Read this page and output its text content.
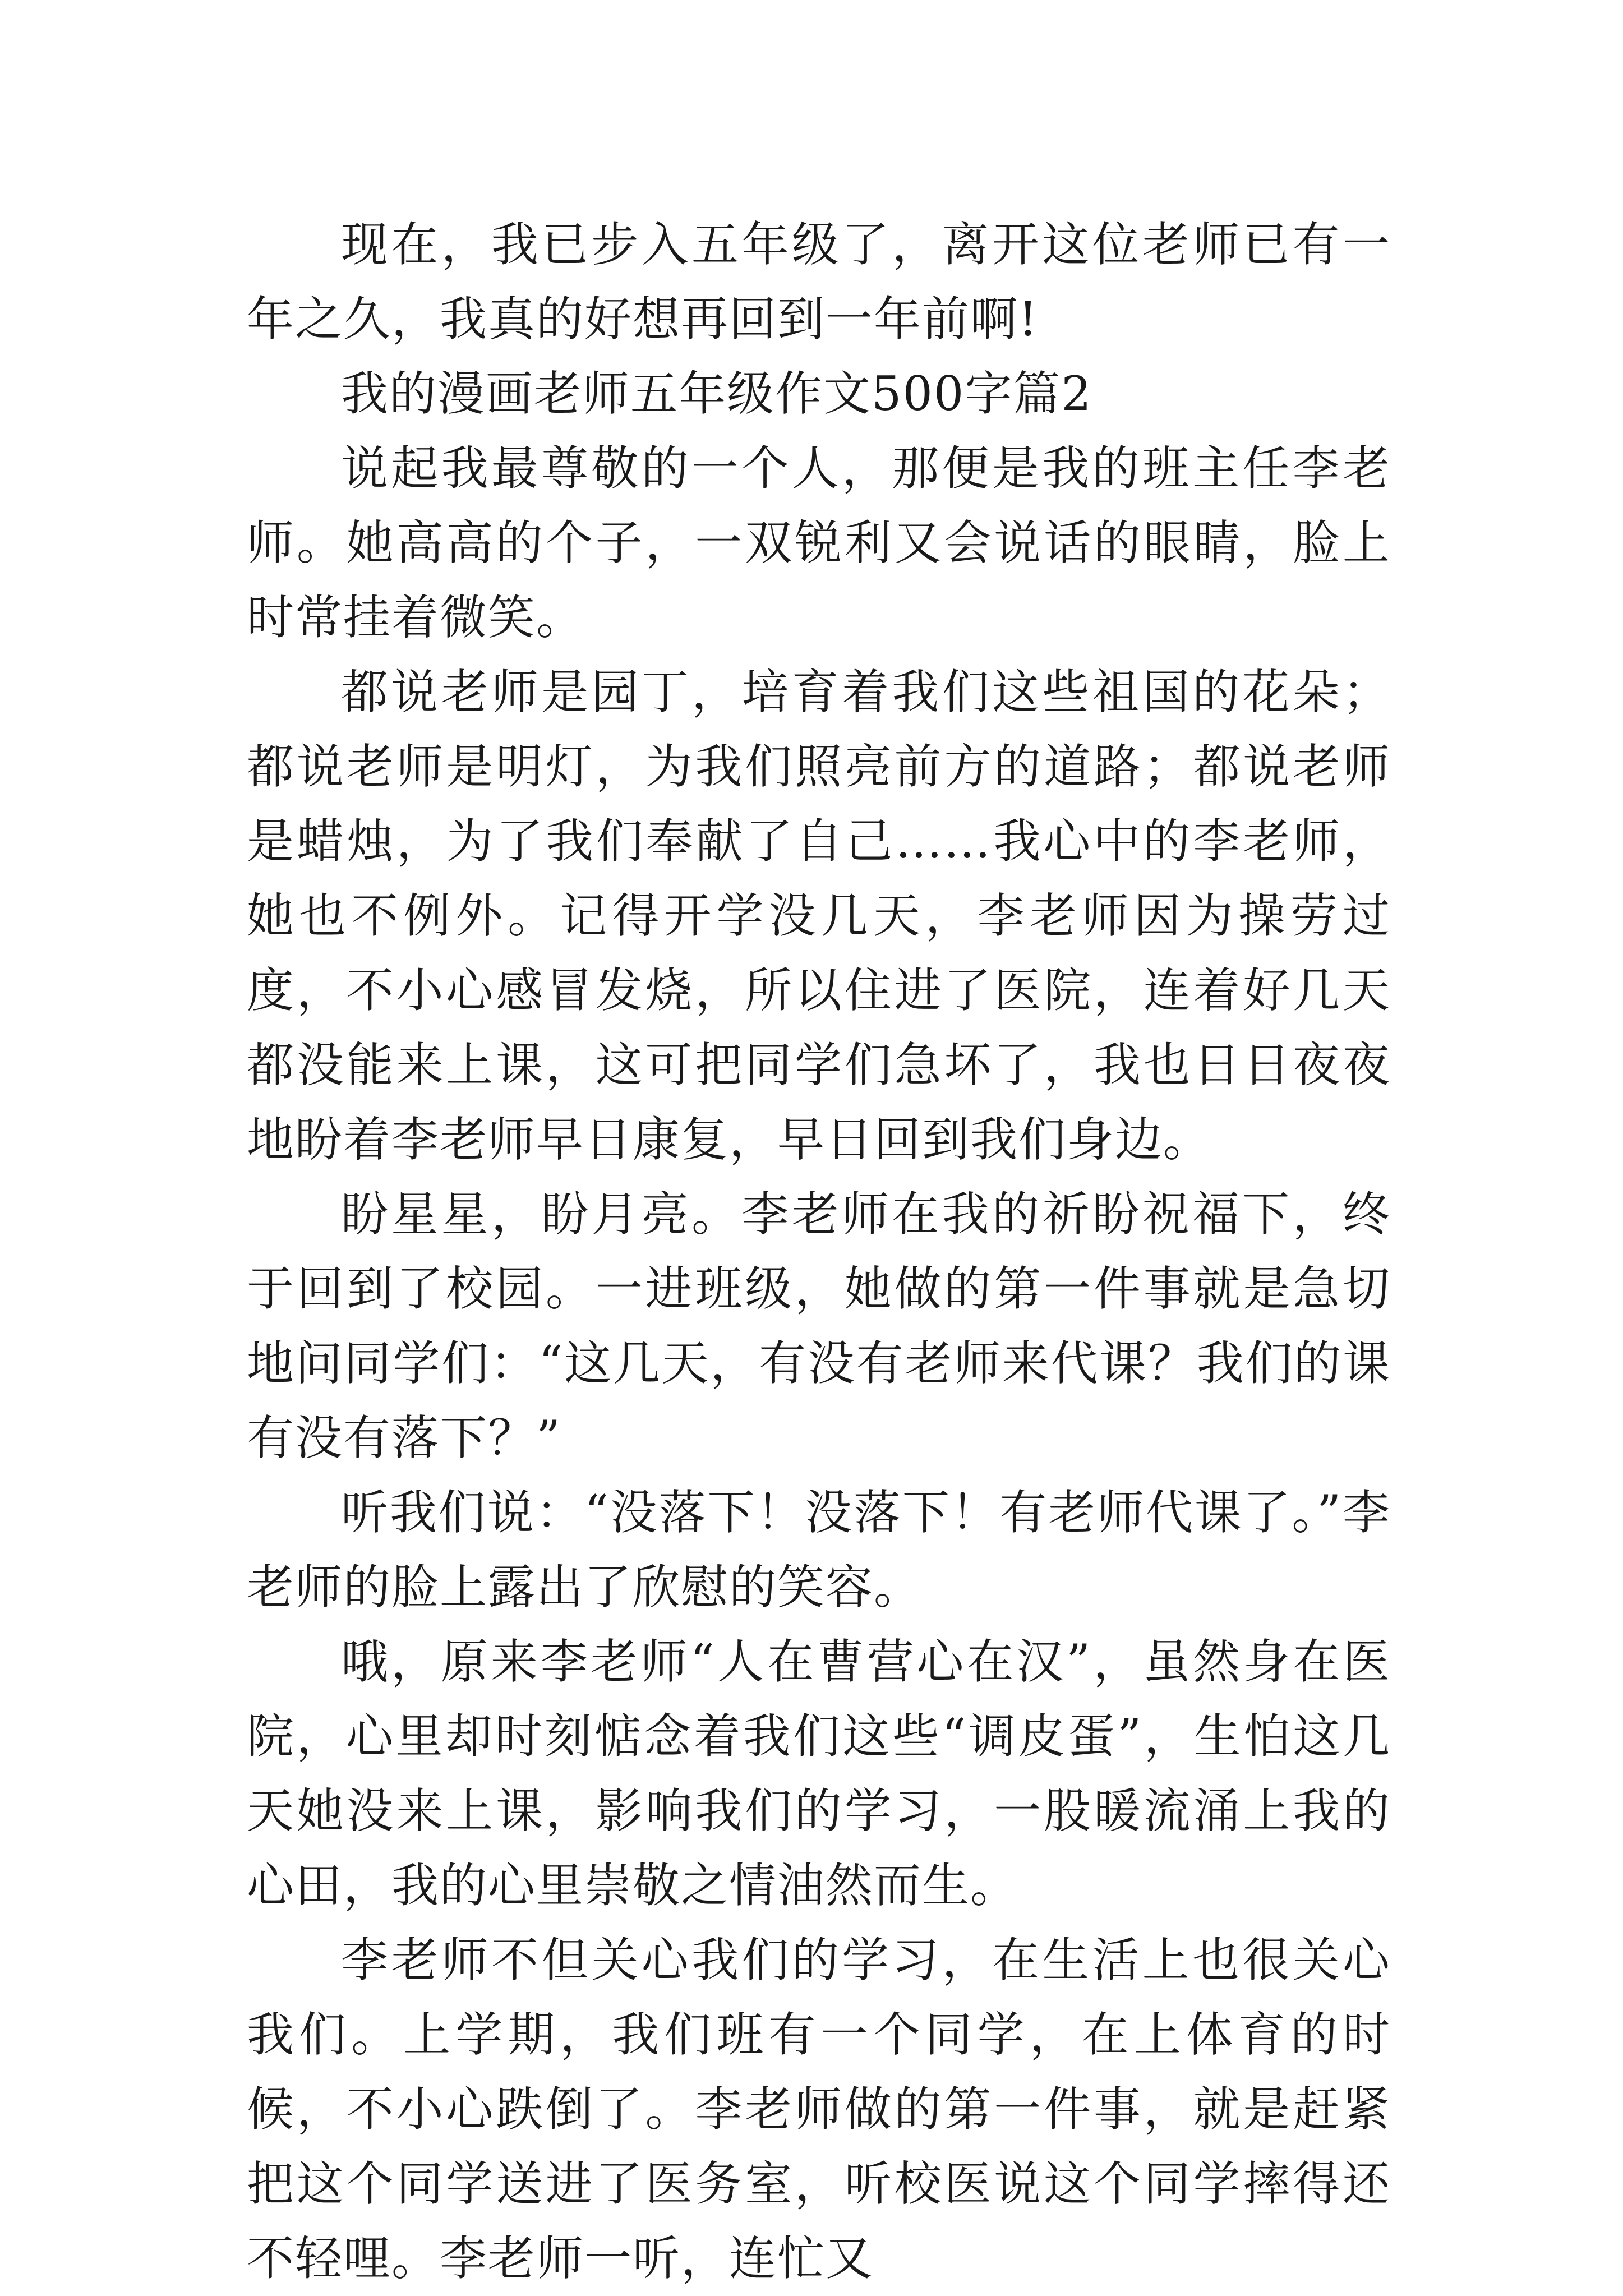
现在，我已步入五年级了，离开这位老师已有一年之久，我真的好想再回到一年前啊!

我的漫画老师五年级作文500字篇2

说起我最尊敬的一个人，那便是我的班主任李老师。她高高的个子，一双锐利又会说话的眼睛，脸上时常挂着微笑。

都说老师是园丁，培育着我们这些祖国的花朵；都说老师是明灯，为我们照亮前方的道路；都说老师是蜡烛，为了我们奉献了自己……我心中的李老师，她也不例外。记得开学没几天，李老师因为操劳过度，不小心感冒发烧，所以住进了医院，连着好几天都没能来上课，这可把同学们急坏了，我也日日夜夜地盼着李老师早日康复，早日回到我们身边。

盼星星，盼月亮。李老师在我的祈盼祝福下，终于回到了校园。一进班级，她做的第一件事就是急切地问同学们：“这几天，有没有老师来代课？我们的课有没有落下？”

听我们说：“没落下！没落下！有老师代课了。”李老师的脸上露出了欣慰的笑容。

哦，原来李老师“人在曹营心在汉”，虽然身在医院，心里却时刻惦念着我们这些“调皮蛋”，生怕这几天她没来上课，影响我们的学习，一股暖流涌上我的心田，我的心里崇敬之情油然而生。

李老师不但关心我们的学习，在生活上也很关心我们。上学期，我们班有一个同学，在上体育的时候，不小心跌倒了。李老师做的第一件事，就是赶紧把这个同学送进了医务室，听校医说这个同学摔得还不轻哩。李老师一听，连忙又
